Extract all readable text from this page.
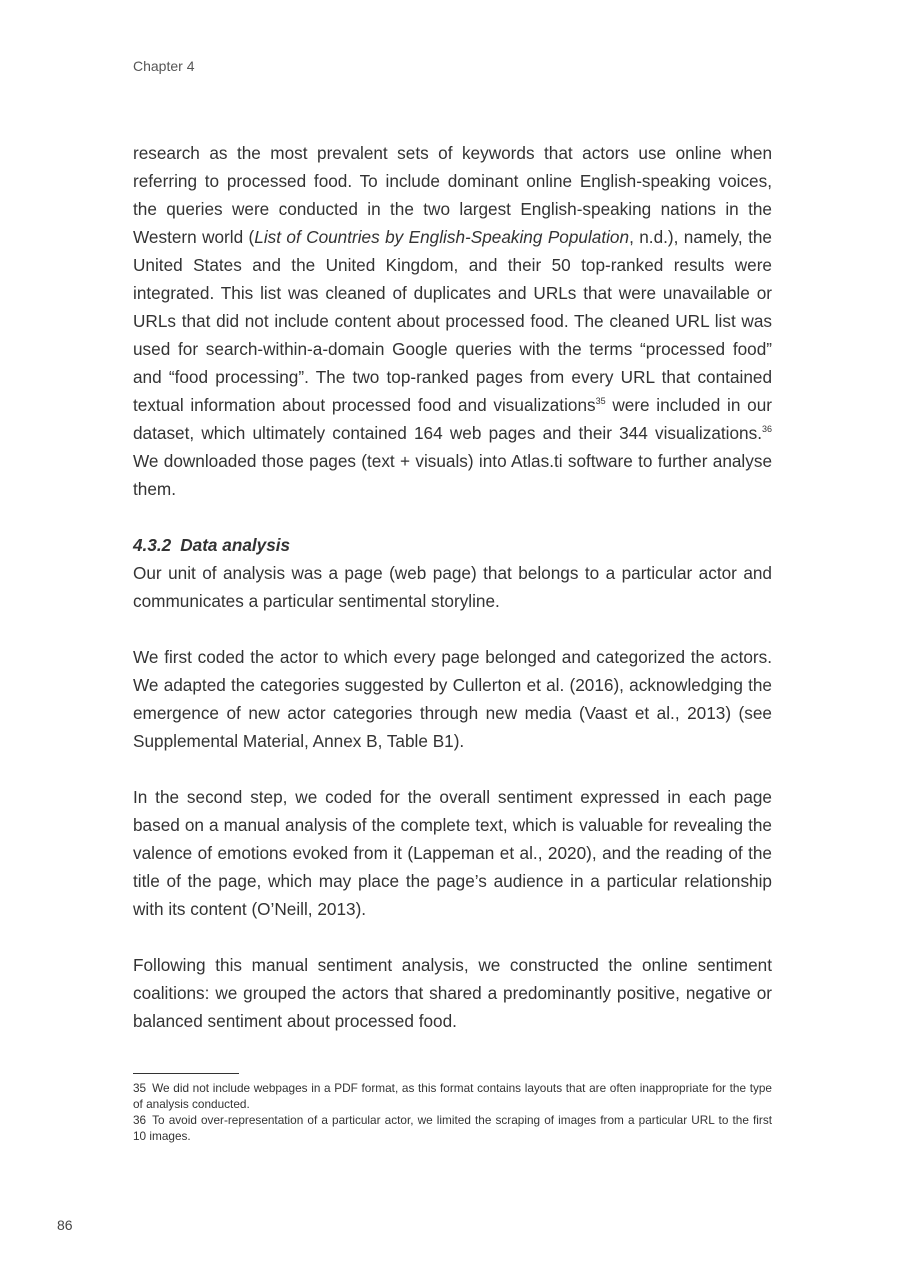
Chapter 4

research as the most prevalent sets of keywords that actors use online when referring to processed food. To include dominant online English-speaking voices, the queries were conducted in the two largest English-speaking nations in the Western world (List of Countries by English-Speaking Population, n.d.), namely, the United States and the United Kingdom, and their 50 top-ranked results were integrated. This list was cleaned of duplicates and URLs that were unavailable or URLs that did not include content about processed food. The cleaned URL list was used for search-within-a-domain Google queries with the terms “processed food” and “food processing”. The two top-ranked pages from every URL that contained textual information about processed food and visualizations$^{35}$ were included in our dataset, which ultimately contained 164 web pages and their 344 visualizations.$^{36}$ We downloaded those pages (text + visuals) into Atlas.ti software to further analyse them.

4.3.2 Data analysis

Our unit of analysis was a page (web page) that belongs to a particular actor and communicates a particular sentimental storyline.

We first coded the actor to which every page belonged and categorized the actors. We adapted the categories suggested by Cullerton et al. (2016), acknowledging the emergence of new actor categories through new media (Vaast et al., 2013) (see Supplemental Material, Annex B, Table B1).

In the second step, we coded for the overall sentiment expressed in each page based on a manual analysis of the complete text, which is valuable for revealing the valence of emotions evoked from it (Lappeman et al., 2020), and the reading of the title of the page, which may place the page’s audience in a particular relationship with its content (O’Neill, 2013).

Following this manual sentiment analysis, we constructed the online sentiment coalitions: we grouped the actors that shared a predominantly positive, negative or balanced sentiment about processed food.

35 We did not include webpages in a PDF format, as this format contains layouts that are often inappropriate for the type of analysis conducted.
36 To avoid over-representation of a particular actor, we limited the scraping of images from a particular URL to the first 10 images.
86
